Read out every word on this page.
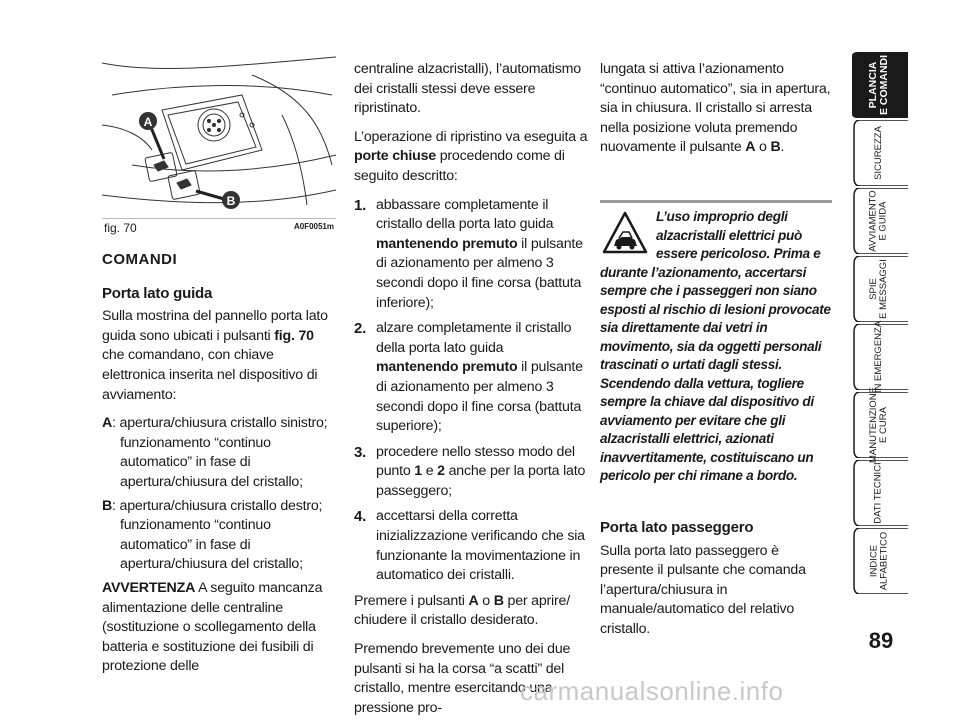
A
B
fig. 70	A0F0051m
COMANDI
Porta lato guida

Sulla mostrina del pannello porta lato guida sono ubicati i pulsanti fig. 70 che comandano, con chiave elettronica inserita nel dispositivo di avviamento:

A: apertura/chiusura cristallo sinistro; funzionamento “continuo automatico” in fase di apertura/chiusura del cristallo;

B: apertura/chiusura cristallo destro; funzionamento “continuo automatico” in fase di apertura/chiusura del cristallo;

AVVERTENZA A seguito mancanza alimentazione delle centraline (sostituzione o scollegamento della batteria e sostituzione dei fusibili di protezione delle

centraline alzacristalli), l’automatismo dei cristalli stessi deve essere ripristinato.

L’operazione di ripristino va eseguita a porte chiuse procedendo come di seguito descritto:

1. abbassare completamente il cristallo della porta lato guida mantenendo premuto il pulsante di azionamento per almeno 3 secondi dopo il fine corsa (battuta inferiore);
2. alzare completamente il cristallo della porta lato guida mantenendo premuto il pulsante di azionamento per almeno 3 secondi dopo il fine corsa (battuta superiore);
3. procedere nello stesso modo del punto 1 e 2 anche per la porta lato passeggero;
4. accettarsi della corretta inizializzazione verificando che sia funzionante la movimentazione in automatico dei cristalli.

Premere i pulsanti A o B per aprire/ chiudere il cristallo desiderato.

Premendo brevemente uno dei due pulsanti si ha la corsa “a scatti” del cristallo, mentre esercitando una pressione pro-

lungata si attiva l’azionamento “continuo automatico”, sia in apertura, sia in chiusura. Il cristallo si arresta nella posizione voluta premendo nuovamente il pulsante A o B.

L’uso improprio degli alzacristalli elettrici può essere pericoloso. Prima e durante l’azionamento, accertarsi sempre che i passeggeri non siano esposti al rischio di lesioni provocate sia direttamente dai vetri in movimento, sia da oggetti personali trascinati o urtati dagli stessi. Scendendo dalla vettura, togliere sempre la chiave dal dispositivo di avviamento per evitare che gli alzacristalli elettrici, azionati inavvertitamente, costituiscano un pericolo per chi rimane a bordo.
Porta lato passeggero

Sulla porta lato passeggero è presente il pulsante che comanda l’apertura/chiusura in manuale/automatico del relativo cristallo.

PLANCIA
E COMANDI
SICUREZZA
AVVIAMENTO
E GUIDA
SPIE
E MESSAGGI
IN EMERGENZA
MANUTENZIONE
E CURA
DATI TECNICI
INDICE
ALFABETICO
89
carmanualsonline.info
